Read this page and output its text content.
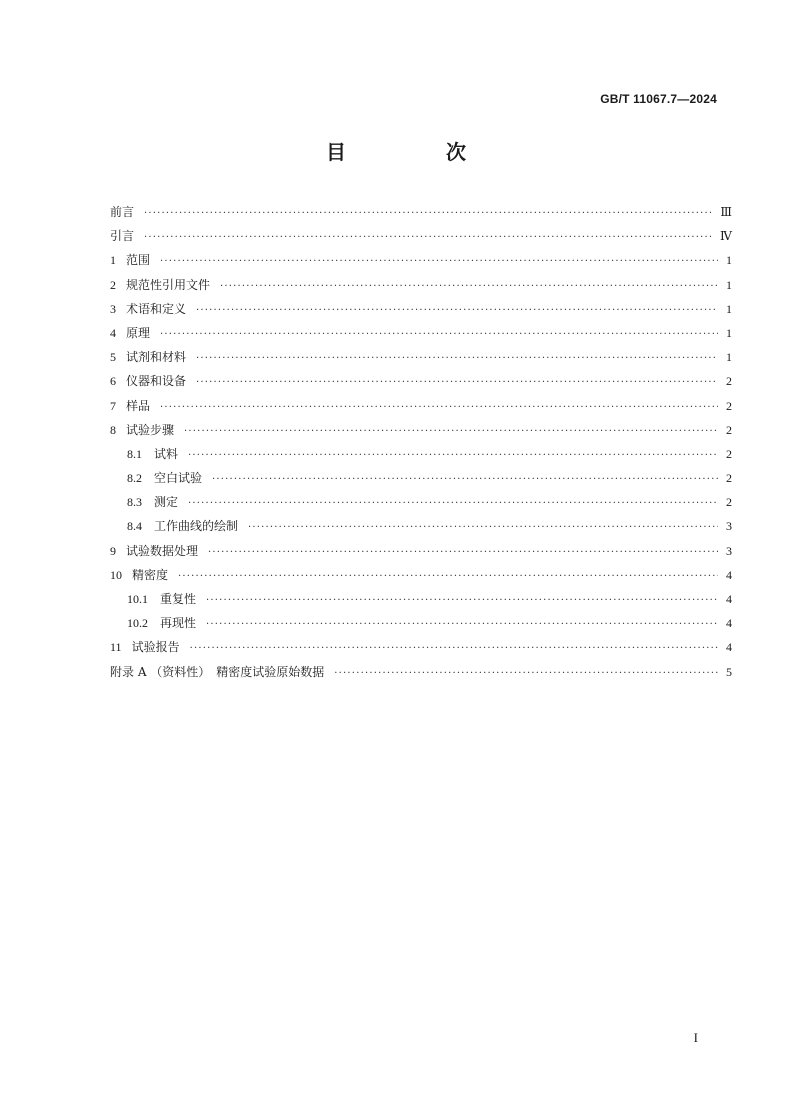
GB/T 11067.7—2024
目　次
前言 ·····	Ⅲ
引言 ·····	Ⅳ
1 范围 ·····	1
2 规范性引用文件 ·····	1
3 术语和定义 ·····	1
4 原理 ·····	1
5 试剂和材料 ·····	1
6 仪器和设备 ·····	2
7 样品 ·····	2
8 试验步骤 ·····	2
8.1 试料 ·····	2
8.2 空白试验 ·····	2
8.3 测定 ·····	2
8.4 工作曲线的绘制 ·····	3
9 试验数据处理 ·····	3
10 精密度 ·····	4
10.1 重复性 ·····	4
10.2 再现性 ·····	4
11 试验报告 ·····	4
附录 A （资料性）　精密度试验原始数据 ·····	5
I
